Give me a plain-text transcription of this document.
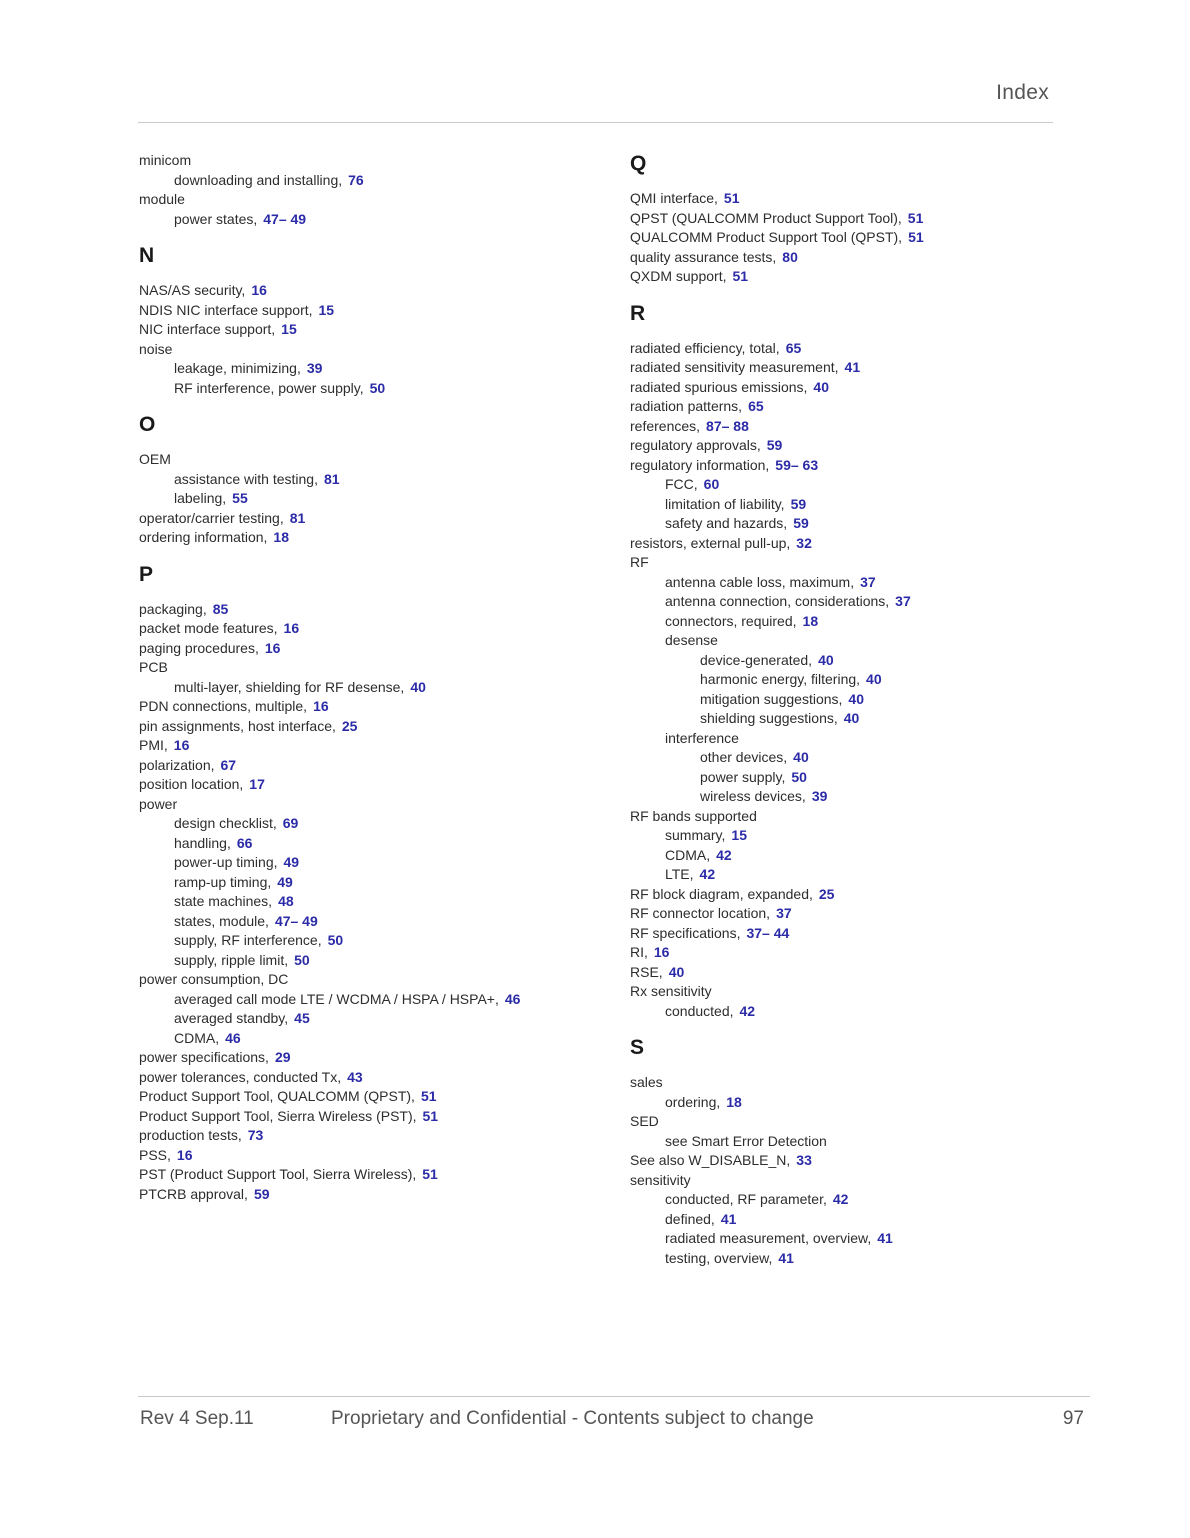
Index
minicom
downloading and installing, 76
module
power states, 47– 49
N
NAS/AS security, 16
NDIS NIC interface support, 15
NIC interface support, 15
noise
leakage, minimizing, 39
RF interference, power supply, 50
O
OEM
assistance with testing, 81
labeling, 55
operator/carrier testing, 81
ordering information, 18
P
packaging, 85
packet mode features, 16
paging procedures, 16
PCB
multi-layer, shielding for RF desense, 40
PDN connections, multiple, 16
pin assignments, host interface, 25
PMI, 16
polarization, 67
position location, 17
power
design checklist, 69
handling, 66
power-up timing, 49
ramp-up timing, 49
state machines, 48
states, module, 47– 49
supply, RF interference, 50
supply, ripple limit, 50
power consumption, DC
averaged call mode LTE / WCDMA / HSPA / HSPA+, 46
averaged standby, 45
CDMA, 46
power specifications, 29
power tolerances, conducted Tx, 43
Product Support Tool, QUALCOMM (QPST), 51
Product Support Tool, Sierra Wireless (PST), 51
production tests, 73
PSS, 16
PST (Product Support Tool, Sierra Wireless), 51
PTCRB approval, 59
Q
QMI interface, 51
QPST (QUALCOMM Product Support Tool), 51
QUALCOMM Product Support Tool (QPST), 51
quality assurance tests, 80
QXDM support, 51
R
radiated efficiency, total, 65
radiated sensitivity measurement, 41
radiated spurious emissions, 40
radiation patterns, 65
references, 87– 88
regulatory approvals, 59
regulatory information, 59– 63
FCC, 60
limitation of liability, 59
safety and hazards, 59
resistors, external pull-up, 32
RF
antenna cable loss, maximum, 37
antenna connection, considerations, 37
connectors, required, 18
desense
device-generated, 40
harmonic energy, filtering, 40
mitigation suggestions, 40
shielding suggestions, 40
interference
other devices, 40
power supply, 50
wireless devices, 39
RF bands supported
summary, 15
CDMA, 42
LTE, 42
RF block diagram, expanded, 25
RF connector location, 37
RF specifications, 37– 44
RI, 16
RSE, 40
Rx sensitivity
conducted, 42
S
sales
ordering, 18
SED
see Smart Error Detection
See also W_DISABLE_N, 33
sensitivity
conducted, RF parameter, 42
defined, 41
radiated measurement, overview, 41
testing, overview, 41
Rev 4 Sep.11	Proprietary and Confidential - Contents subject to change	97
